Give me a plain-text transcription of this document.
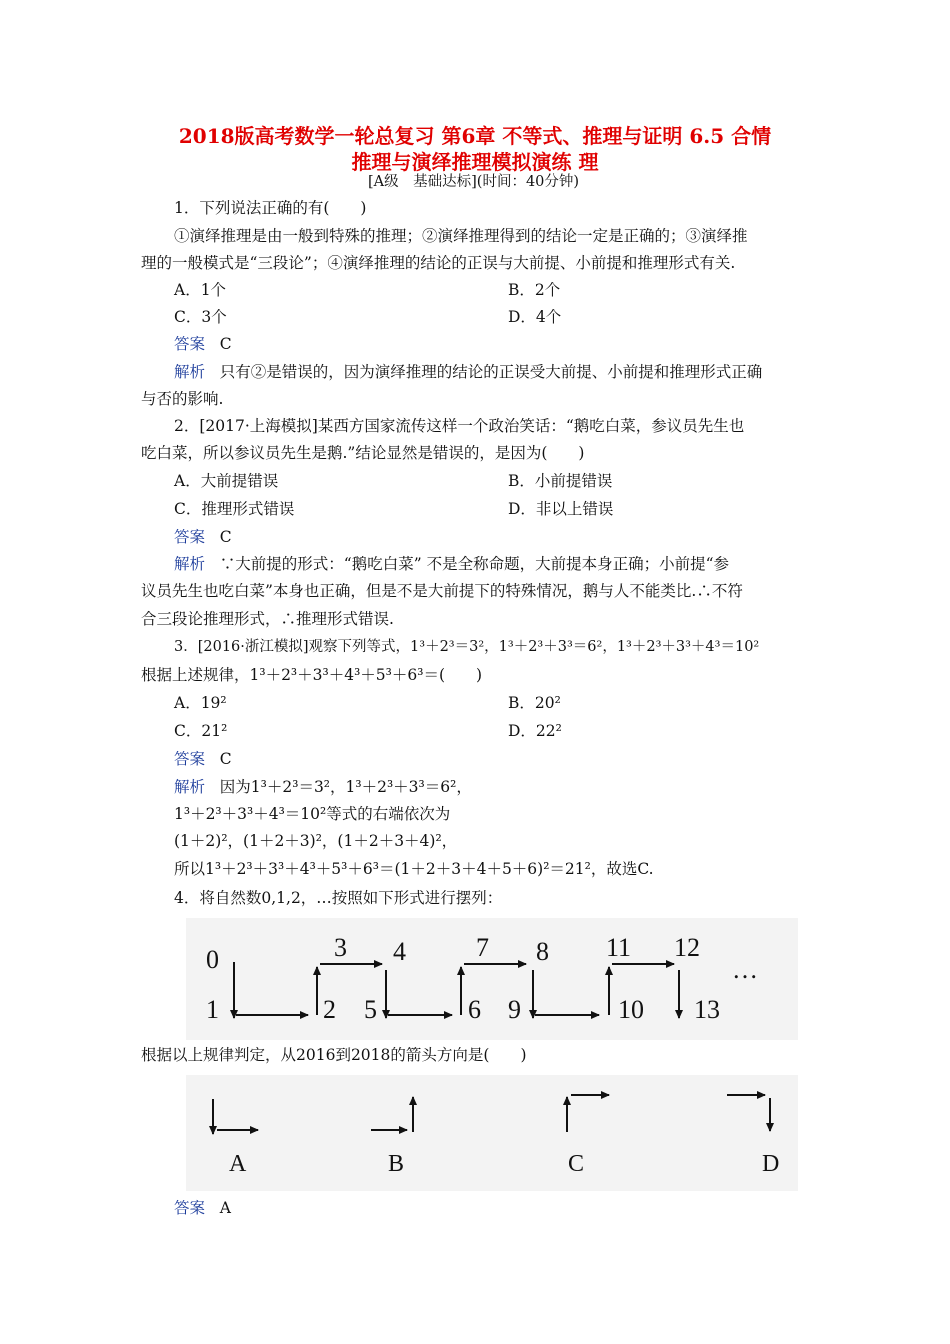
2018版高考数学一轮总复习 第6章 不等式、推理与证明 6.5 合情
推理与演绎推理模拟演练 理
[A级　基础达标](时间：40分钟)
1．下列说法正确的有(　　)
①演绎推理是由一般到特殊的推理；②演绎推理得到的结论一定是正确的；③演绎推
理的一般模式是“三段论”；④演绎推理的结论的正误与大前提、小前提和推理形式有关.
A．1个	B．2个
C．3个	D．4个
答案 C
解析 只有②是错误的，因为演绎推理的结论的正误受大前提、小前提和推理形式正确
与否的影响.
2．[2017·上海模拟]某西方国家流传这样一个政治笑话：“鹅吃白菜，参议员先生也
吃白菜，所以参议员先生是鹅.”结论显然是错误的，是因为(　　)
A．大前提错误	B．小前提错误
C．推理形式错误	D．非以上错误
答案 C
解析 ∵大前提的形式：“鹅吃白菜” 不是全称命题，大前提本身正确；小前提“参
议员先生也吃白菜”本身也正确，但是不是大前提下的特殊情况，鹅与人不能类比.∴不符
合三段论推理形式，∴推理形式错误.
3．[2016·浙江模拟]观察下列等式，1³＋2³＝3²，1³＋2³＋3³＝6²，1³＋2³＋3³＋4³＝10²
根据上述规律，1³＋2³＋3³＋4³＋5³＋6³＝(　　)
A．19²	B．20²
C．21²	D．22²
答案 C
解析 因为1³＋2³＝3²，1³＋2³＋3³＝6²，
1³＋2³＋3³＋4³＝10²等式的右端依次为
(1＋2)²，(1＋2＋3)²，(1＋2＋3＋4)²，
所以1³＋2³＋3³＋4³＋5³＋6³＝(1＋2＋3＋4＋5＋6)²＝21²，故选C.
4．将自然数0,1,2，…按照如下形式进行摆列：
0
1	2
3 4
5	6
7 8
9	10
11 12
13
…
根据以上规律判定，从2016到2018的箭头方向是(　　)
A	B	C	D
答案 A
